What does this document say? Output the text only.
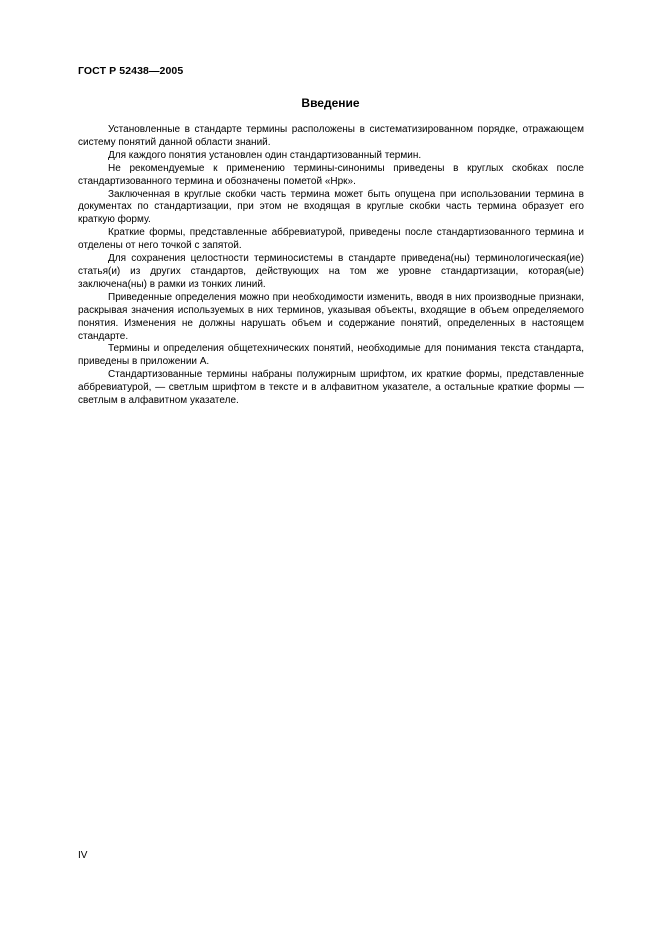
ГОСТ Р 52438—2005
Введение

Установленные в стандарте термины расположены в систематизированном порядке, отражающем систему понятий данной области знаний.

Для каждого понятия установлен один стандартизованный термин.

Не рекомендуемые к применению термины-синонимы приведены в круглых скобках после стандартизованного термина и обозначены пометой «Нрк».

Заключенная в круглые скобки часть термина может быть опущена при использовании термина в документах по стандартизации, при этом не входящая в круглые скобки часть термина образует его краткую форму.

Краткие формы, представленные аббревиатурой, приведены после стандартизованного термина и отделены от него точкой с запятой.

Для сохранения целостности терминосистемы в стандарте приведена(ны) терминологическая(ие) статья(и) из других стандартов, действующих на том же уровне стандартизации, которая(ые) заключена(ны) в рамки из тонких линий.

Приведенные определения можно при необходимости изменить, вводя в них производные признаки, раскрывая значения используемых в них терминов, указывая объекты, входящие в объем определяемого понятия. Изменения не должны нарушать объем и содержание понятий, определенных в настоящем стандарте.

Термины и определения общетехнических понятий, необходимые для понимания текста стандарта, приведены в приложении А.

Стандартизованные термины набраны полужирным шрифтом, их краткие формы, представленные аббревиатурой, — светлым шрифтом в тексте и в алфавитном указателе, а остальные краткие формы — светлым в алфавитном указателе.

IV
